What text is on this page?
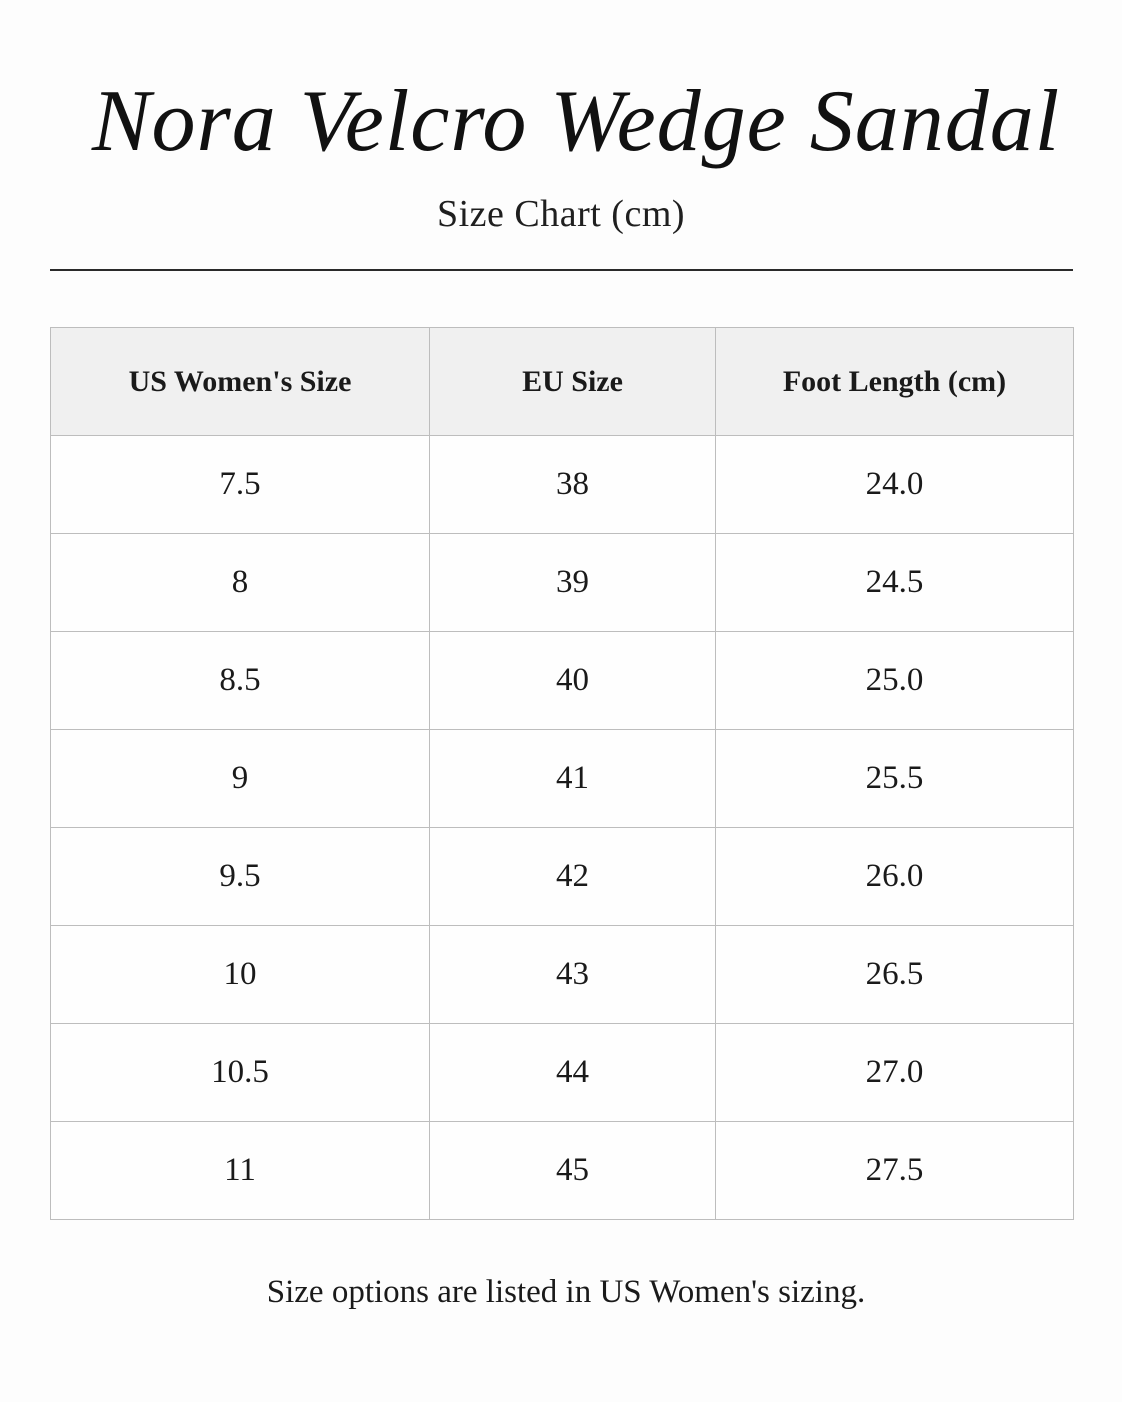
Nora Velcro Wedge Sandal

Size Chart (cm)

US Women's Size	EU Size	Foot Length (cm)
7.5	38	24.0
8	39	24.5
8.5	40	25.0
9	41	25.5
9.5	42	26.0
10	43	26.5
10.5	44	27.0
11	45	27.5

Size options are listed in US Women's sizing.
